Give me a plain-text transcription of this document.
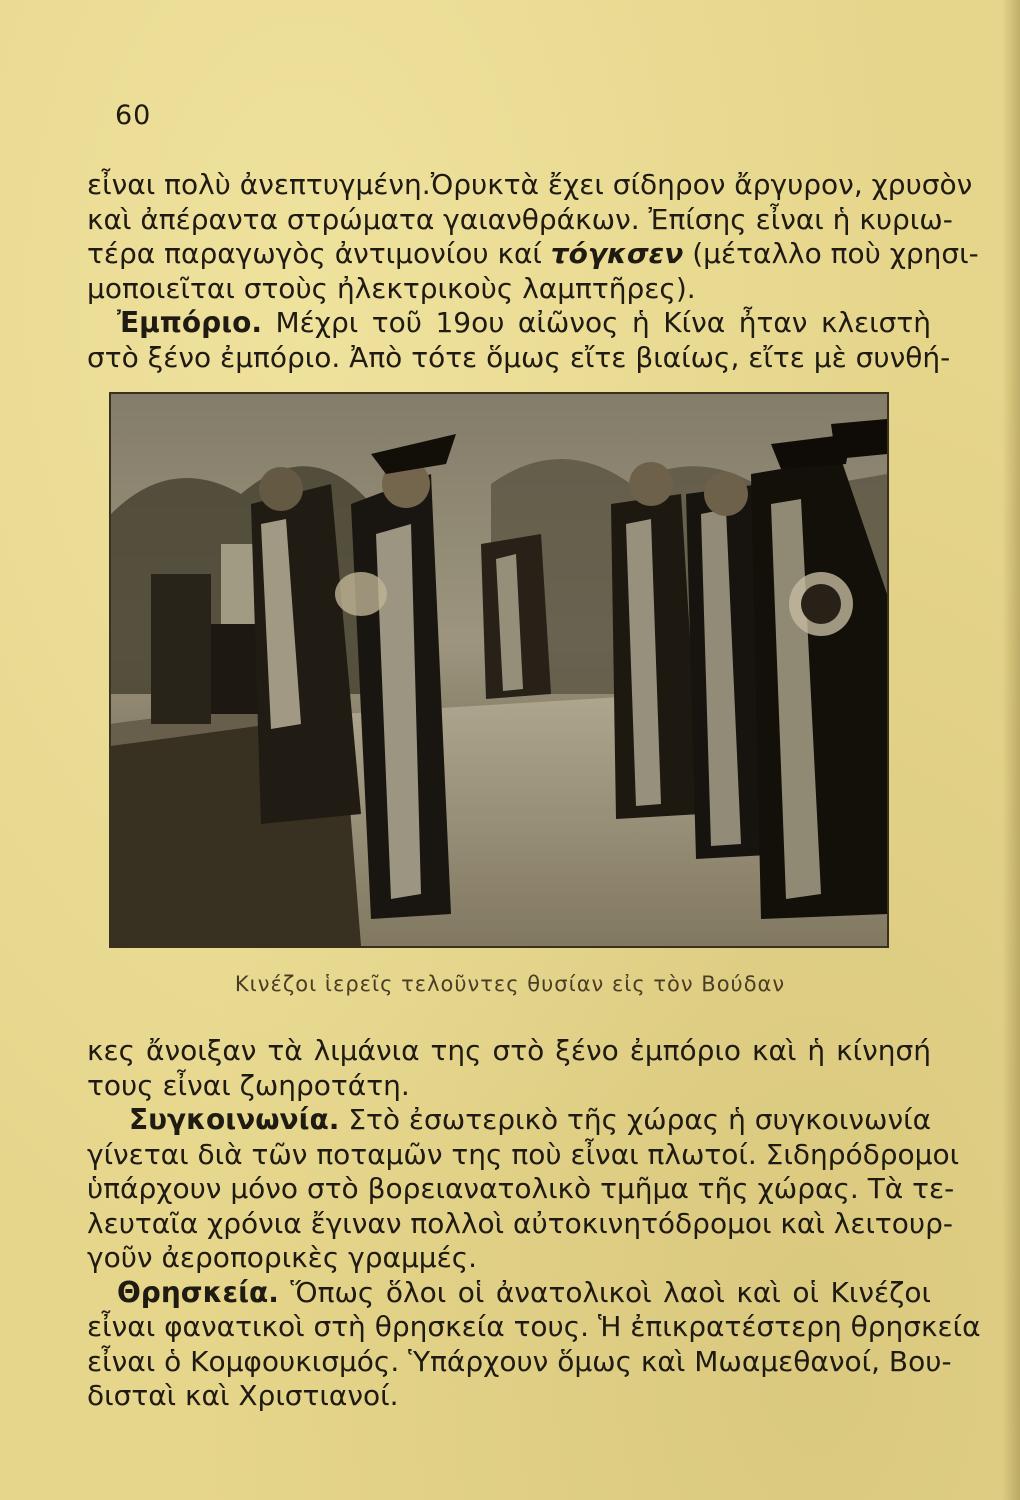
60
εἶναι πολὺ ἀνεπτυγμένη.Ὀρυκτὰ ἔχει σίδηρον ἄργυρον, χρυσὸν
καὶ ἀπέραντα στρώματα γαιανθράκων. Ἐπίσης εἶναι ἡ κυριω-
τέρα παραγωγὸς ἀντιμονίου καί τόγκσεν (μέταλλο ποὺ χρησι-
μοποιεῖται στοὺς ἠλεκτρικοὺς λαμπτῆρες).
Ἐμπόριο. Μέχρι τοῦ 19ου αἰῶνος ἡ Κίνα ἦταν κλειστὴ
στὸ ξένο ἐμπόριο. Ἀπὸ τότε ὅμως εἴτε βιαίως, εἴτε μὲ συνθή-
Κινέζοι ἱερεῖς τελοῦντες θυσίαν εἰς τὸν Βούδαν
κες ἄνοιξαν τὰ λιμάνια της στὸ ξένο ἐμπόριο καὶ ἡ κίνησή
τους εἶναι ζωηροτάτη.
Συγκοινωνία. Στὸ ἐσωτερικὸ τῆς χώρας ἡ συγκοινωνία
γίνεται διὰ τῶν ποταμῶν της ποὺ εἶναι πλωτοί. Σιδηρόδρομοι
ὑπάρχουν μόνο στὸ βορειανατολικὸ τμῆμα τῆς χώρας. Τὰ τε-
λευταῖα χρόνια ἔγιναν πολλοὶ αὐτοκινητόδρομοι καὶ λειτουρ-
γοῦν ἀεροπορικὲς γραμμές.
Θρησκεία. Ὅπως ὅλοι οἱ ἀνατολικοὶ λαοὶ καὶ οἱ Κινέζοι
εἶναι φανατικοὶ στὴ θρησκεία τους. Ἡ ἐπικρατέστερη θρησκεία
εἶναι ὁ Κομφουκισμός. Ὑπάρχουν ὅμως καὶ Μωαμεθανοί, Βου-
δισταὶ καὶ Χριστιανοί.
